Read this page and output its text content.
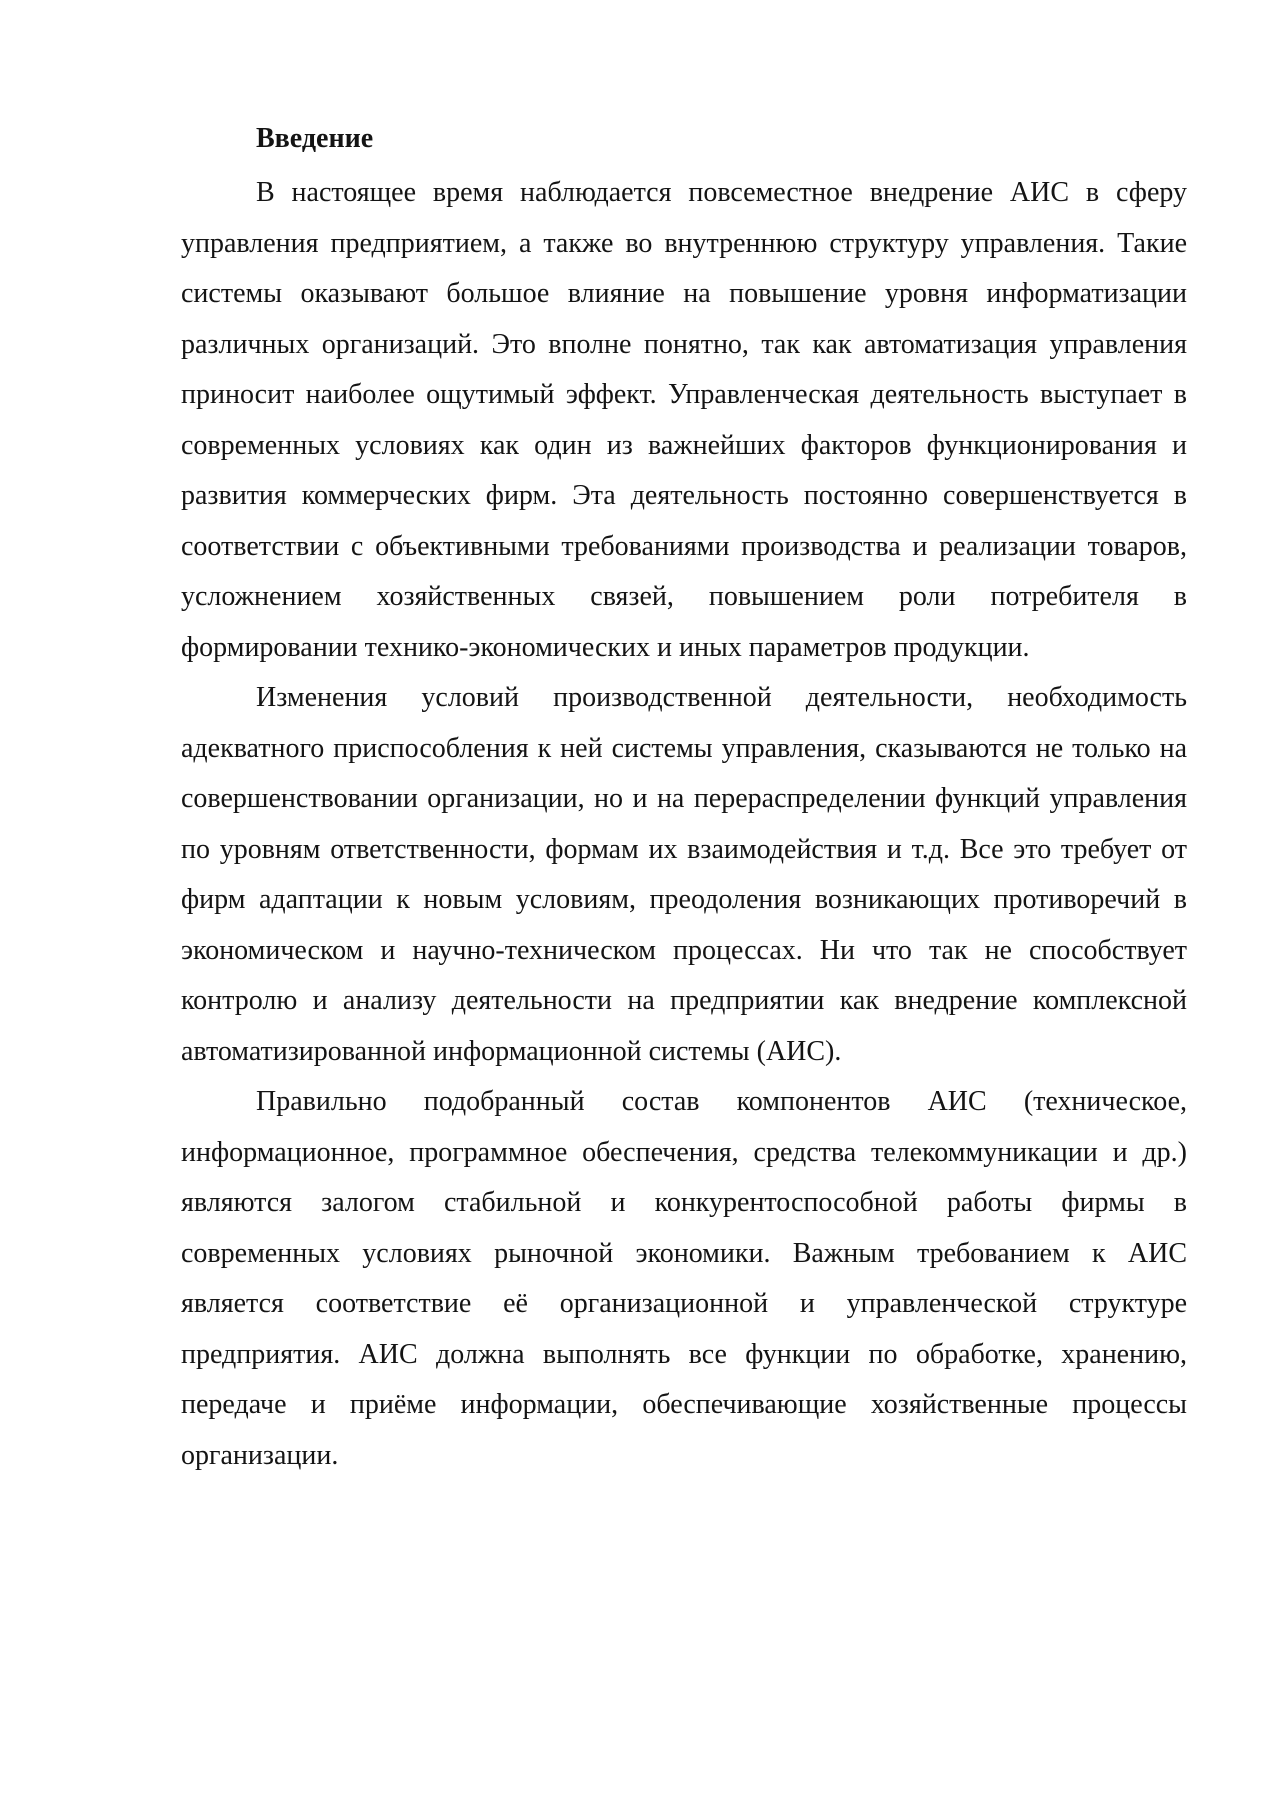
Введение

В настоящее время наблюдается повсеместное внедрение АИС в сферу управления предприятием, а также во внутреннюю структуру управления. Такие системы оказывают большое влияние на повышение уровня информатизации различных организаций. Это вполне понятно, так как автоматизация управления приносит наиболее ощутимый эффект. Управленческая деятельность выступает в современных условиях как один из важнейших факторов функционирования и развития коммерческих фирм. Эта деятельность постоянно совершенствуется в соответствии с объективными требованиями производства и реализации товаров, усложнением хозяйственных связей, повышением роли потребителя в формировании технико-экономических и иных параметров продукции.

Изменения условий производственной деятельности, необходимость адекватного приспособления к ней системы управления, сказываются не только на совершенствовании организации, но и на перераспределении функций управления по уровням ответственности, формам их взаимодействия и т.д. Все это требует от фирм адаптации к новым условиям, преодоления возникающих противоречий в экономическом и научно-техническом процессах. Ни что так не способствует контролю и анализу деятельности на предприятии как внедрение комплексной автоматизированной информационной системы (АИС).

Правильно подобранный состав компонентов АИС (техническое, информационное, программное обеспечения, средства телекоммуникации и др.) являются залогом стабильной и конкурентоспособной работы фирмы в современных условиях рыночной экономики. Важным требованием к АИС является соответствие её организационной и управленческой структуре предприятия. АИС должна выполнять все функции по обработке, хранению, передаче и приёме информации, обеспечивающие хозяйственные процессы организации.
